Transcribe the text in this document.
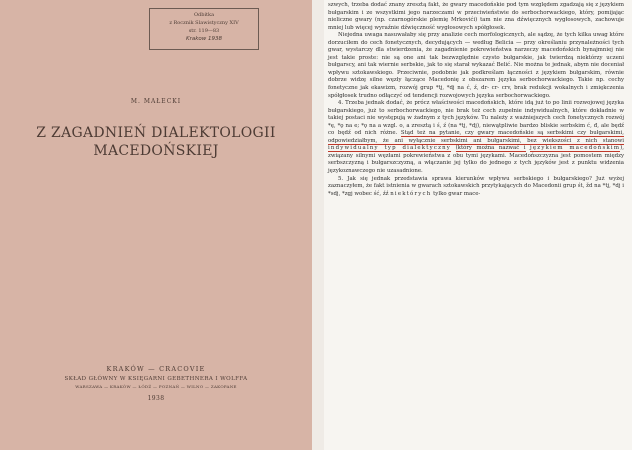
Odbitka
z Rocznik Slawistyczny XIV
str. 119—83
Krakow 1938
M. MAŁECKI
Z ZAGADNIEŃ DIALEKTOLOGII
MACEDOŃSKIEJ
KRAKÓW — CRACOVIE
SKŁAD GŁÓWNY W KSIĘGARNI GEBETHNERA I WOLFFA
WARSZAWA — KRAKÓW — ŁÓDŹ — POZNAŃ — WILNO — ZAKOPANE
1938

szwych, trzeba dodać znany zresztą fakt, że gwary macedońskie pod tym względem zgadzają się z językiem bułgarskim i ze wszystkimi jego narzeczami w przeciwieństwie do serbochorwackiego, który, pomijając nieliczne gwary (np. czarnogórskie plemię Mrkovići) tam nie zna dźwięcznych wygłosowych, zachowuje mniej lub więcej wyraźnie dźwięczność wygłosowych spółgłosek.

Niejedna uwaga nasuwałaby się przy analizie cech morfologicznych, ale sądzę, że tych kilka uwag które dorzuciłem do cech fonetycznych, decydujących — według Belicia — przy określaniu przynależności tych gwar, wystarczy dla stwierdzenia, że zagadnienie pokrewieństwa narzeczy macedońskich bynajmniej nie jest takie proste: nie są one ani tak bezwzględnie czysto bułgarskie, jak twierdzą niektórzy uczeni bułgarscy, ani tak wiernie serbskie, jak to się starał wykazać Belić. Nie można te jednak, abym nie doceniał wpływu sztokawskiego. Przeciwnie, podobnie jak podkreślam łączności z językiem bułgarskim, równie dobrze widzę silne węzły łączące Macedonię z obszarem języka serbochorwackiego. Takie np. cechy fonetyczne jak ekawizm, rozwój grup *tj, *dj na ć, ź, dr- cr- crv, brak redukcji wokalnych i zmiękczenia spółgłosek trudno odłączyć od tendencji rozwojowych języka serbochorwackiego.

4. Trzeba jednak dodać, że prócz właściwości macedońskich, które idą już to po linii rozwojowej języka bułgarskiego, już to serbochorwackiego, nie brak też cech zupełnie indywidualnych, które dokładnie w takiej postaci nie występują w żadnym z tych języków. Tu należy z ważniejszych cech fonetycznych rozwój *ę, *ǫ na e; *ǫ na a wzgl. o, a zresztą i ś, ź (na *tj, *dj), niewątpliwie bardzo bliskie serbskim ć, đ, ale będź co będź od nich różne. Stąd też na pytanie, czy gwary macedońskie są serbskimi czy bułgarskimi, odpowiedziałbym, że ani wyłącznie serbskimi ani bułgarskimi, bez wiekszości z nich stanowi indywidualny typ dialektyczny (który można nazwać i językiem macedońskim), związany silnymi węzłami pokrewieństwa z obu tymi językami. Macedońszczyzna jest pomostem między serbszczyzną i bułgarszczyzną, a włączanie jej tylko do jednego z tych języków jest z punktu widzenia językoznawczego nie uzasadnione.

5. Jak się jednak przedstawia sprawa kierunków wpływu serbskiego i bułgarskiego? Już wyżej zaznaczyłem, że fakt istnienia w gwarach sztokawskich przytykających do Macedonii grup śt, žd na *tj, *dj i *sdj, *zgj wobec ść, źź niektórych tylko gwar mace-
